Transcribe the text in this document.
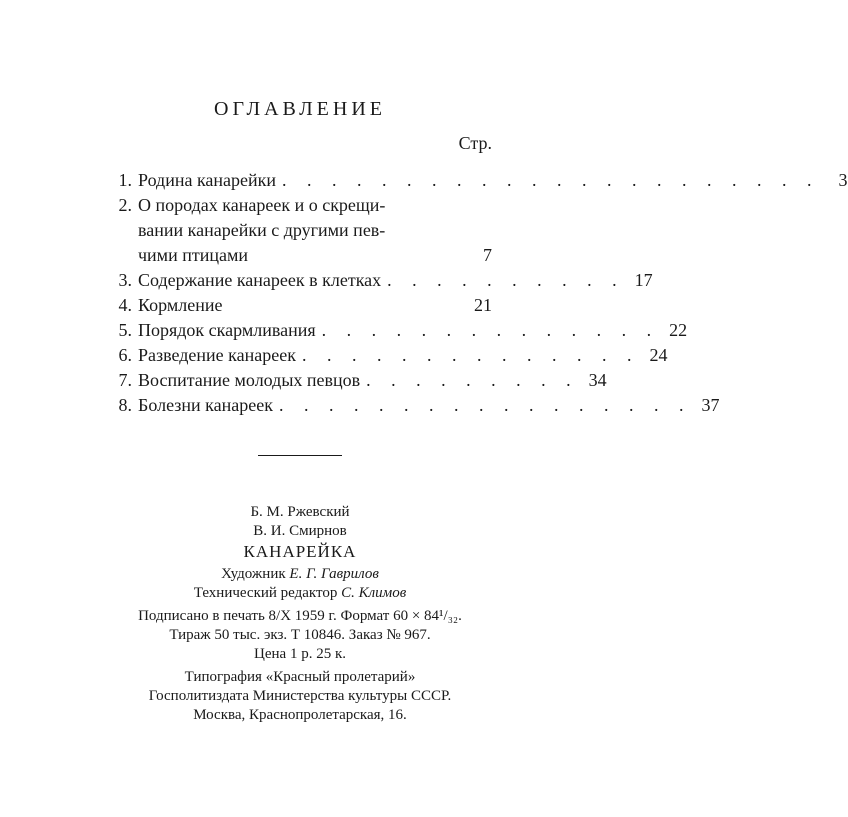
ОГЛАВЛЕНИЕ
Стр.
1. Родина канарейки . . . . . . . . . . . . . . . . . . . . . .	3
2. О породах канареек и о скрещи-
вании канарейки с другими пев-
чими птицами	7
3. Содержание канареек в клетках . . . . . . . . . . 17
4. Кормление	21
5. Порядок скармливания . . . . . . . . . . . . . . 22
6. Разведение канареек . . . . . . . . . . . . . . 24
7. Воспитание молодых певцов . . . . . . . . . 34
8. Болезни канареек . . . . . . . . . . . . . . . . . 37
Б. М. Ржевский
В. И. Смирнов
КАНАРЕЙКА
Художник Е. Г. Гаврилов
Технический редактор С. Климов
Подписано в печать 8/X 1959 г. Формат 60 × 84¹/₃₂.
Тираж 50 тыс. экз. Т 10846. Заказ № 967.
Цена 1 р. 25 к.
Типография «Красный пролетарий»
Госполитиздата Министерства культуры СССР.
Москва, Краснопролетарская, 16.
